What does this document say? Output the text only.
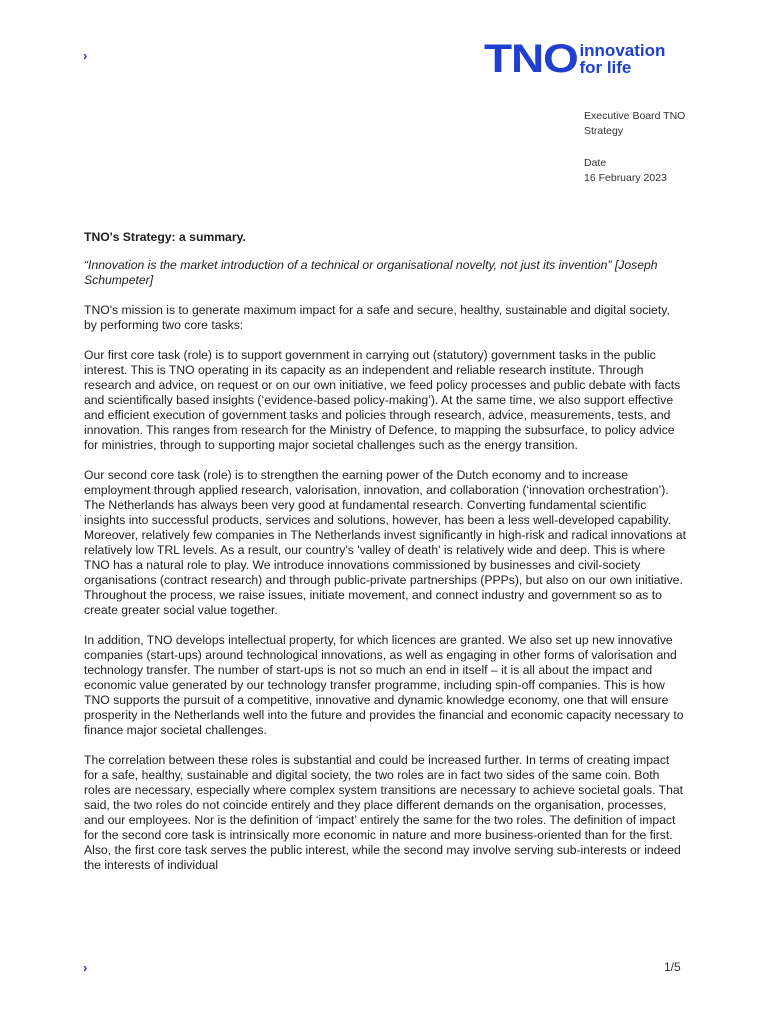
›	TNO innovation
for life
Executive Board TNO
Strategy
Date
16 February 2023

TNO's Strategy: a summary.

“Innovation is the market introduction of a technical or organisational novelty, not just its invention” [Joseph Schumpeter]

TNO's mission is to generate maximum impact for a safe and secure, healthy, sustainable and digital society, by performing two core tasks:

Our first core task (role) is to support government in carrying out (statutory) government tasks in the public interest. This is TNO operating in its capacity as an independent and reliable research institute. Through research and advice, on request or on our own initiative, we feed policy processes and public debate with facts and scientifically based insights (‘evidence-based policy-making’). At the same time, we also support effective and efficient execution of government tasks and policies through research, advice, measurements, tests, and innovation. This ranges from research for the Ministry of Defence, to mapping the subsurface, to policy advice for ministries, through to supporting major societal challenges such as the energy transition.

Our second core task (role) is to strengthen the earning power of the Dutch economy and to increase employment through applied research, valorisation, innovation, and collaboration (‘innovation orchestration’). The Netherlands has always been very good at fundamental research. Converting fundamental scientific insights into successful products, services and solutions, however, has been a less well-developed capability. Moreover, relatively few companies in The Netherlands invest significantly in high-risk and radical innovations at relatively low TRL levels. As a result, our country's 'valley of death' is relatively wide and deep. This is where TNO has a natural role to play. We introduce innovations commissioned by businesses and civil-society organisations (contract research) and through public-private partnerships (PPPs), but also on our own initiative. Throughout the process, we raise issues, initiate movement, and connect industry and government so as to create greater social value together.

In addition, TNO develops intellectual property, for which licences are granted. We also set up new innovative companies (start-ups) around technological innovations, as well as engaging in other forms of valorisation and technology transfer. The number of start-ups is not so much an end in itself – it is all about the impact and economic value generated by our technology transfer programme, including spin-off companies. This is how TNO supports the pursuit of a competitive, innovative and dynamic knowledge economy, one that will ensure prosperity in the Netherlands well into the future and provides the financial and economic capacity necessary to finance major societal challenges.

The correlation between these roles is substantial and could be increased further. In terms of creating impact for a safe, healthy, sustainable and digital society, the two roles are in fact two sides of the same coin. Both roles are necessary, especially where complex system transitions are necessary to achieve societal goals. That said, the two roles do not coincide entirely and they place different demands on the organisation, processes, and our employees. Nor is the definition of ‘impact’ entirely the same for the two roles. The definition of impact for the second core task is intrinsically more economic in nature and more business-oriented than for the first. Also, the first core task serves the public interest, while the second may involve serving sub-interests or indeed the interests of individual

›	1/5
